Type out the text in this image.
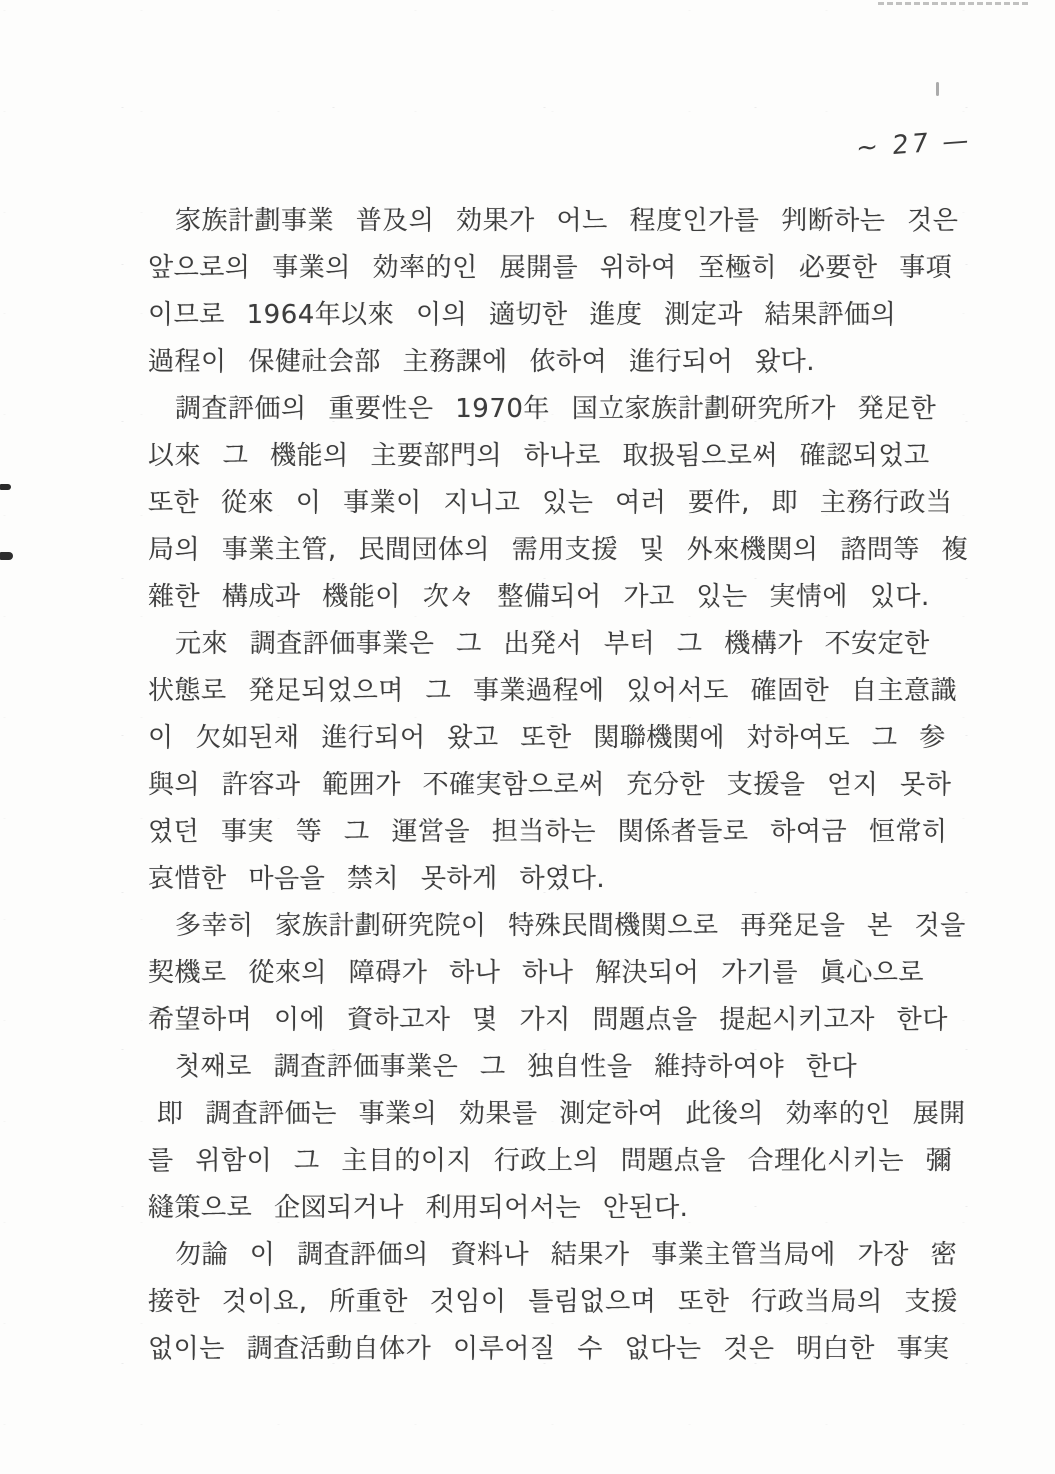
~ 27 —

家族計劃事業 普及의 効果가 어느 程度인가를 判断하는 것은

앞으로의 事業의 効率的인 展開를 위하여 至極히 必要한 事項

이므로 1964年以來 이의 適切한 進度 測定과 結果評価의

過程이 保健社会部 主務課에 依하여 進行되어 왔다.

調査評価의 重要性은 1970年 国立家族計劃研究所가 発足한

以來 그 機能의 主要部門의 하나로 取扱됨으로써 確認되었고

또한 從來 이 事業이 지니고 있는 여러 要件, 即 主務行政当

局의 事業主管, 民間団体의 需用支援 및 外來機関의 諮問等 複

雜한 構成과 機能이 次々 整備되어 가고 있는 実情에 있다.

元來 調査評価事業은 그 出発서 부터 그 機構가 不安定한

状態로 発足되었으며 그 事業過程에 있어서도 確固한 自主意識

이 欠如된채 進行되어 왔고 또한 関聯機関에 対하여도 그 参

與의 許容과 範囲가 不確実함으로써 充分한 支援을 얻지 못하

였던 事実 等 그 運営을 担当하는 関係者들로 하여금 恒常히

哀惜한 마음을 禁치 못하게 하였다.

多幸히 家族計劃研究院이 特殊民間機関으로 再発足을 본 것을

契機로 從來의 障碍가 하나 하나 解決되어 가기를 眞心으로

希望하며 이에 資하고자 몇 가지 問題点을 提起시키고자 한다

첫째로 調査評価事業은 그 独自性을 維持하여야 한다

即 調査評価는 事業의 効果를 測定하여 此後의 効率的인 展開

를 위함이 그 主目的이지 行政上의 問題点을 合理化시키는 彌

縫策으로 企図되거나 利用되어서는 안된다.

勿論 이 調査評価의 資料나 結果가 事業主管当局에 가장 密

接한 것이요, 所重한 것임이 틀림없으며 또한 行政当局의 支援

없이는 調査活動自体가 이루어질 수 없다는 것은 明白한 事実
